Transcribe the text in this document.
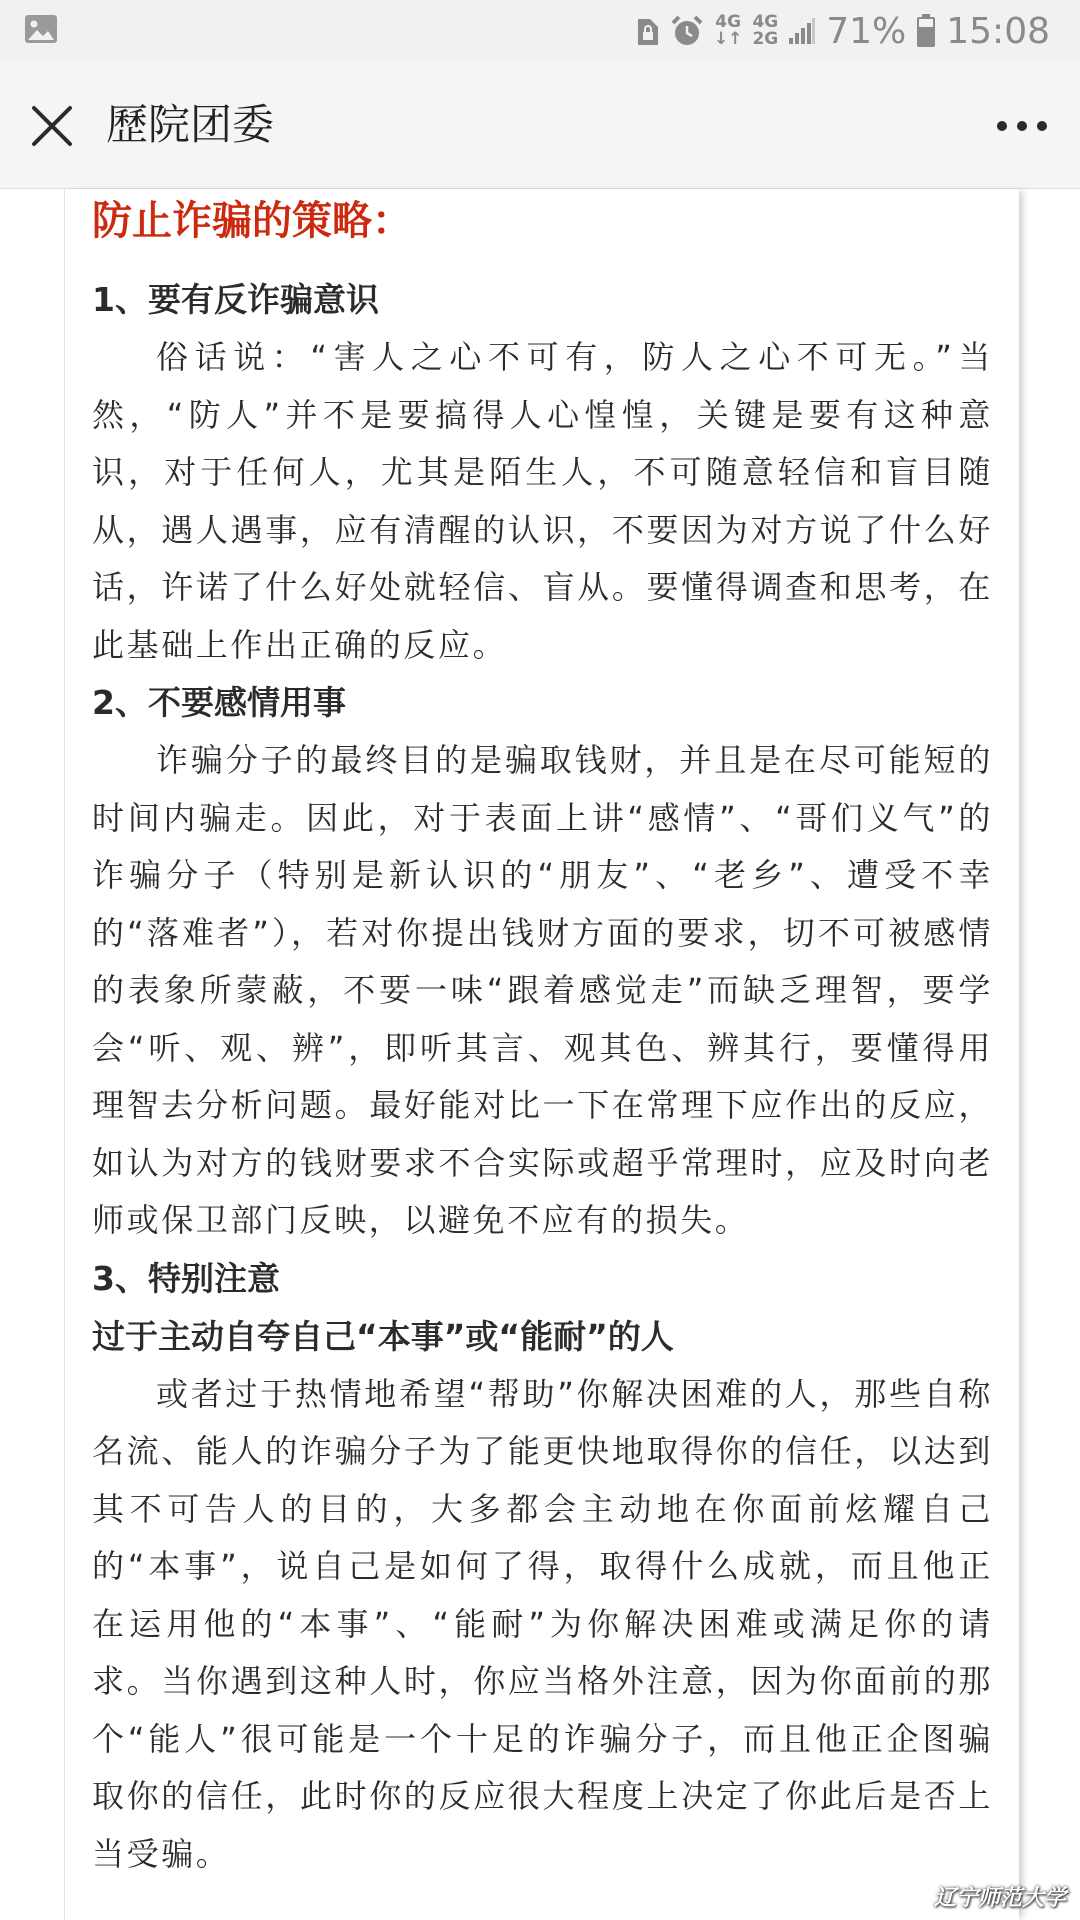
4G
↓↑
4G
2G 71% 15:08
歷院团委
防止诈骗的策略：
1、要有反诈骗意识

俗话说：“害人之心不可有，防人之心不可无。”当然，“防人”并不是要搞得人心惶惶，关键是要有这种意识，对于任何人，尤其是陌生人，不可随意轻信和盲目随从，遇人遇事，应有清醒的认识，不要因为对方说了什么好话，许诺了什么好处就轻信、盲从。要懂得调查和思考，在此基础上作出正确的反应。

2、不要感情用事

诈骗分子的最终目的是骗取钱财，并且是在尽可能短的时间内骗走。因此，对于表面上讲“感情”、“哥们义气”的诈骗分子（特别是新认识的“朋友”、“老乡”、遭受不幸的“落难者”），若对你提出钱财方面的要求，切不可被感情的表象所蒙蔽，不要一味“跟着感觉走”而缺乏理智，要学会“听、观、辨”，即听其言、观其色、辨其行，要懂得用理智去分析问题。最好能对比一下在常理下应作出的反应，如认为对方的钱财要求不合实际或超乎常理时，应及时向老师或保卫部门反映，以避免不应有的损失。

3、特别注意
过于主动自夸自己“本事”或“能耐”的人

或者过于热情地希望“帮助”你解决困难的人，那些自称名流、能人的诈骗分子为了能更快地取得你的信任，以达到其不可告人的目的，大多都会主动地在你面前炫耀自己的“本事”，说自己是如何了得，取得什么成就，而且他正在运用他的“本事”、“能耐”为你解决困难或满足你的请求。当你遇到这种人时，你应当格外注意，因为你面前的那个“能人”很可能是一个十足的诈骗分子，而且他正企图骗取你的信任，此时你的反应很大程度上决定了你此后是否上当受骗。

辽宁师范大学
